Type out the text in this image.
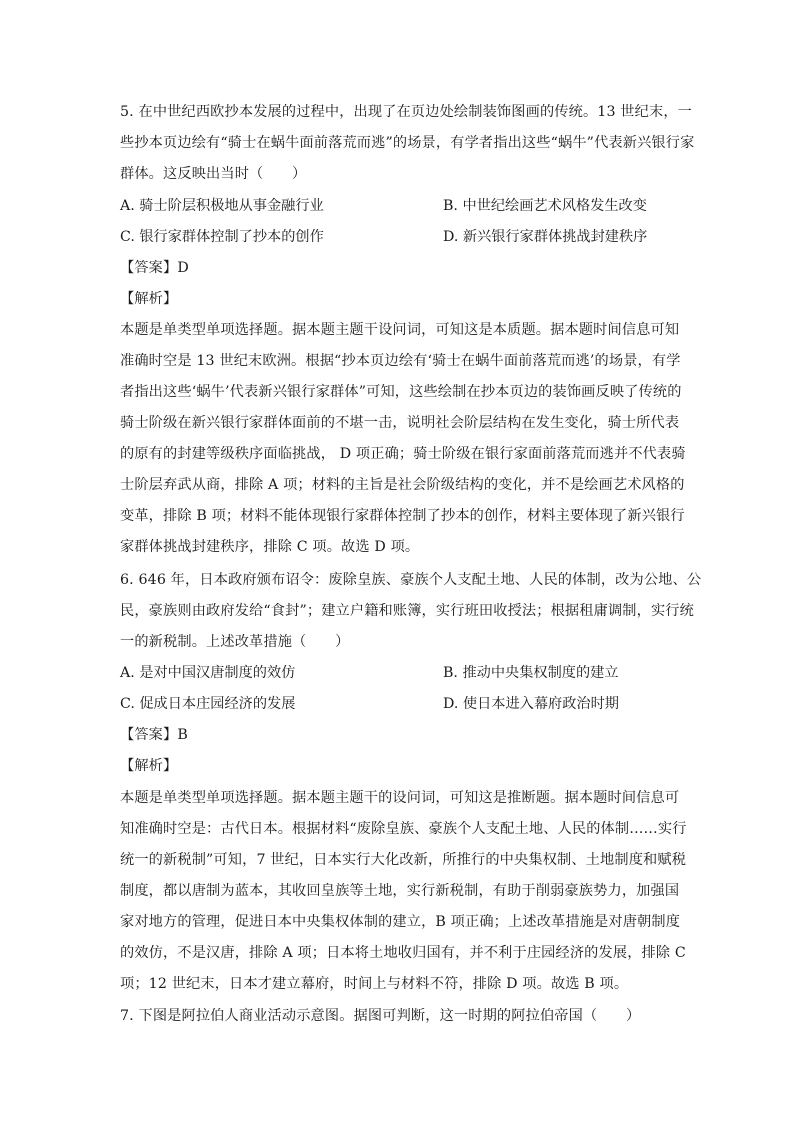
5. 在中世纪西欧抄本发展的过程中，出现了在页边处绘制装饰图画的传统。13 世纪末，一
些抄本页边绘有“骑士在蜗牛面前落荒而逃”的场景，有学者指出这些“蜗牛”代表新兴银行家
群体。这反映出当时（　　）
A. 骑士阶层积极地从事金融行业	B. 中世纪绘画艺术风格发生改变
C. 银行家群体控制了抄本的创作	D. 新兴银行家群体挑战封建秩序
【答案】D
【解析】
本题是单类型单项选择题。据本题主题干设问词，可知这是本质题。据本题时间信息可知
准确时空是 13 世纪末欧洲。根据“抄本页边绘有‘骑士在蜗牛面前落荒而逃’的场景，有学
者指出这些‘蜗牛’代表新兴银行家群体”可知，这些绘制在抄本页边的装饰画反映了传统的
骑士阶级在新兴银行家群体面前的不堪一击，说明社会阶层结构在发生变化，骑士所代表
的原有的封建等级秩序面临挑战， D 项正确；骑士阶级在银行家面前落荒而逃并不代表骑
士阶层弃武从商，排除 A 项；材料的主旨是社会阶级结构的变化，并不是绘画艺术风格的
变革，排除 B 项；材料不能体现银行家群体控制了抄本的创作，材料主要体现了新兴银行
家群体挑战封建秩序，排除 C 项。故选 D 项。
6. 646 年，日本政府颁布诏令：废除皇族、豪族个人支配土地、人民的体制，改为公地、公
民，豪族则由政府发给“食封”；建立户籍和账簿，实行班田收授法；根据租庸调制，实行统
一的新税制。上述改革措施（　　）
A. 是对中国汉唐制度的效仿	B. 推动中央集权制度的建立
C. 促成日本庄园经济的发展	D. 使日本进入幕府政治时期
【答案】B
【解析】
本题是单类型单项选择题。据本题主题干的设问词，可知这是推断题。据本题时间信息可
知准确时空是：古代日本。根据材料“废除皇族、豪族个人支配土地、人民的体制……实行
统一的新税制”可知，7 世纪，日本实行大化改新，所推行的中央集权制、土地制度和赋税
制度，都以唐制为蓝本，其收回皇族等土地，实行新税制，有助于削弱豪族势力，加强国
家对地方的管理，促进日本中央集权体制的建立，B 项正确；上述改革措施是对唐朝制度
的效仿，不是汉唐，排除 A 项；日本将土地收归国有，并不利于庄园经济的发展，排除 C
项；12 世纪末，日本才建立幕府，时间上与材料不符，排除 D 项。故选 B 项。
7. 下图是阿拉伯人商业活动示意图。据图可判断，这一时期的阿拉伯帝国（　　）
